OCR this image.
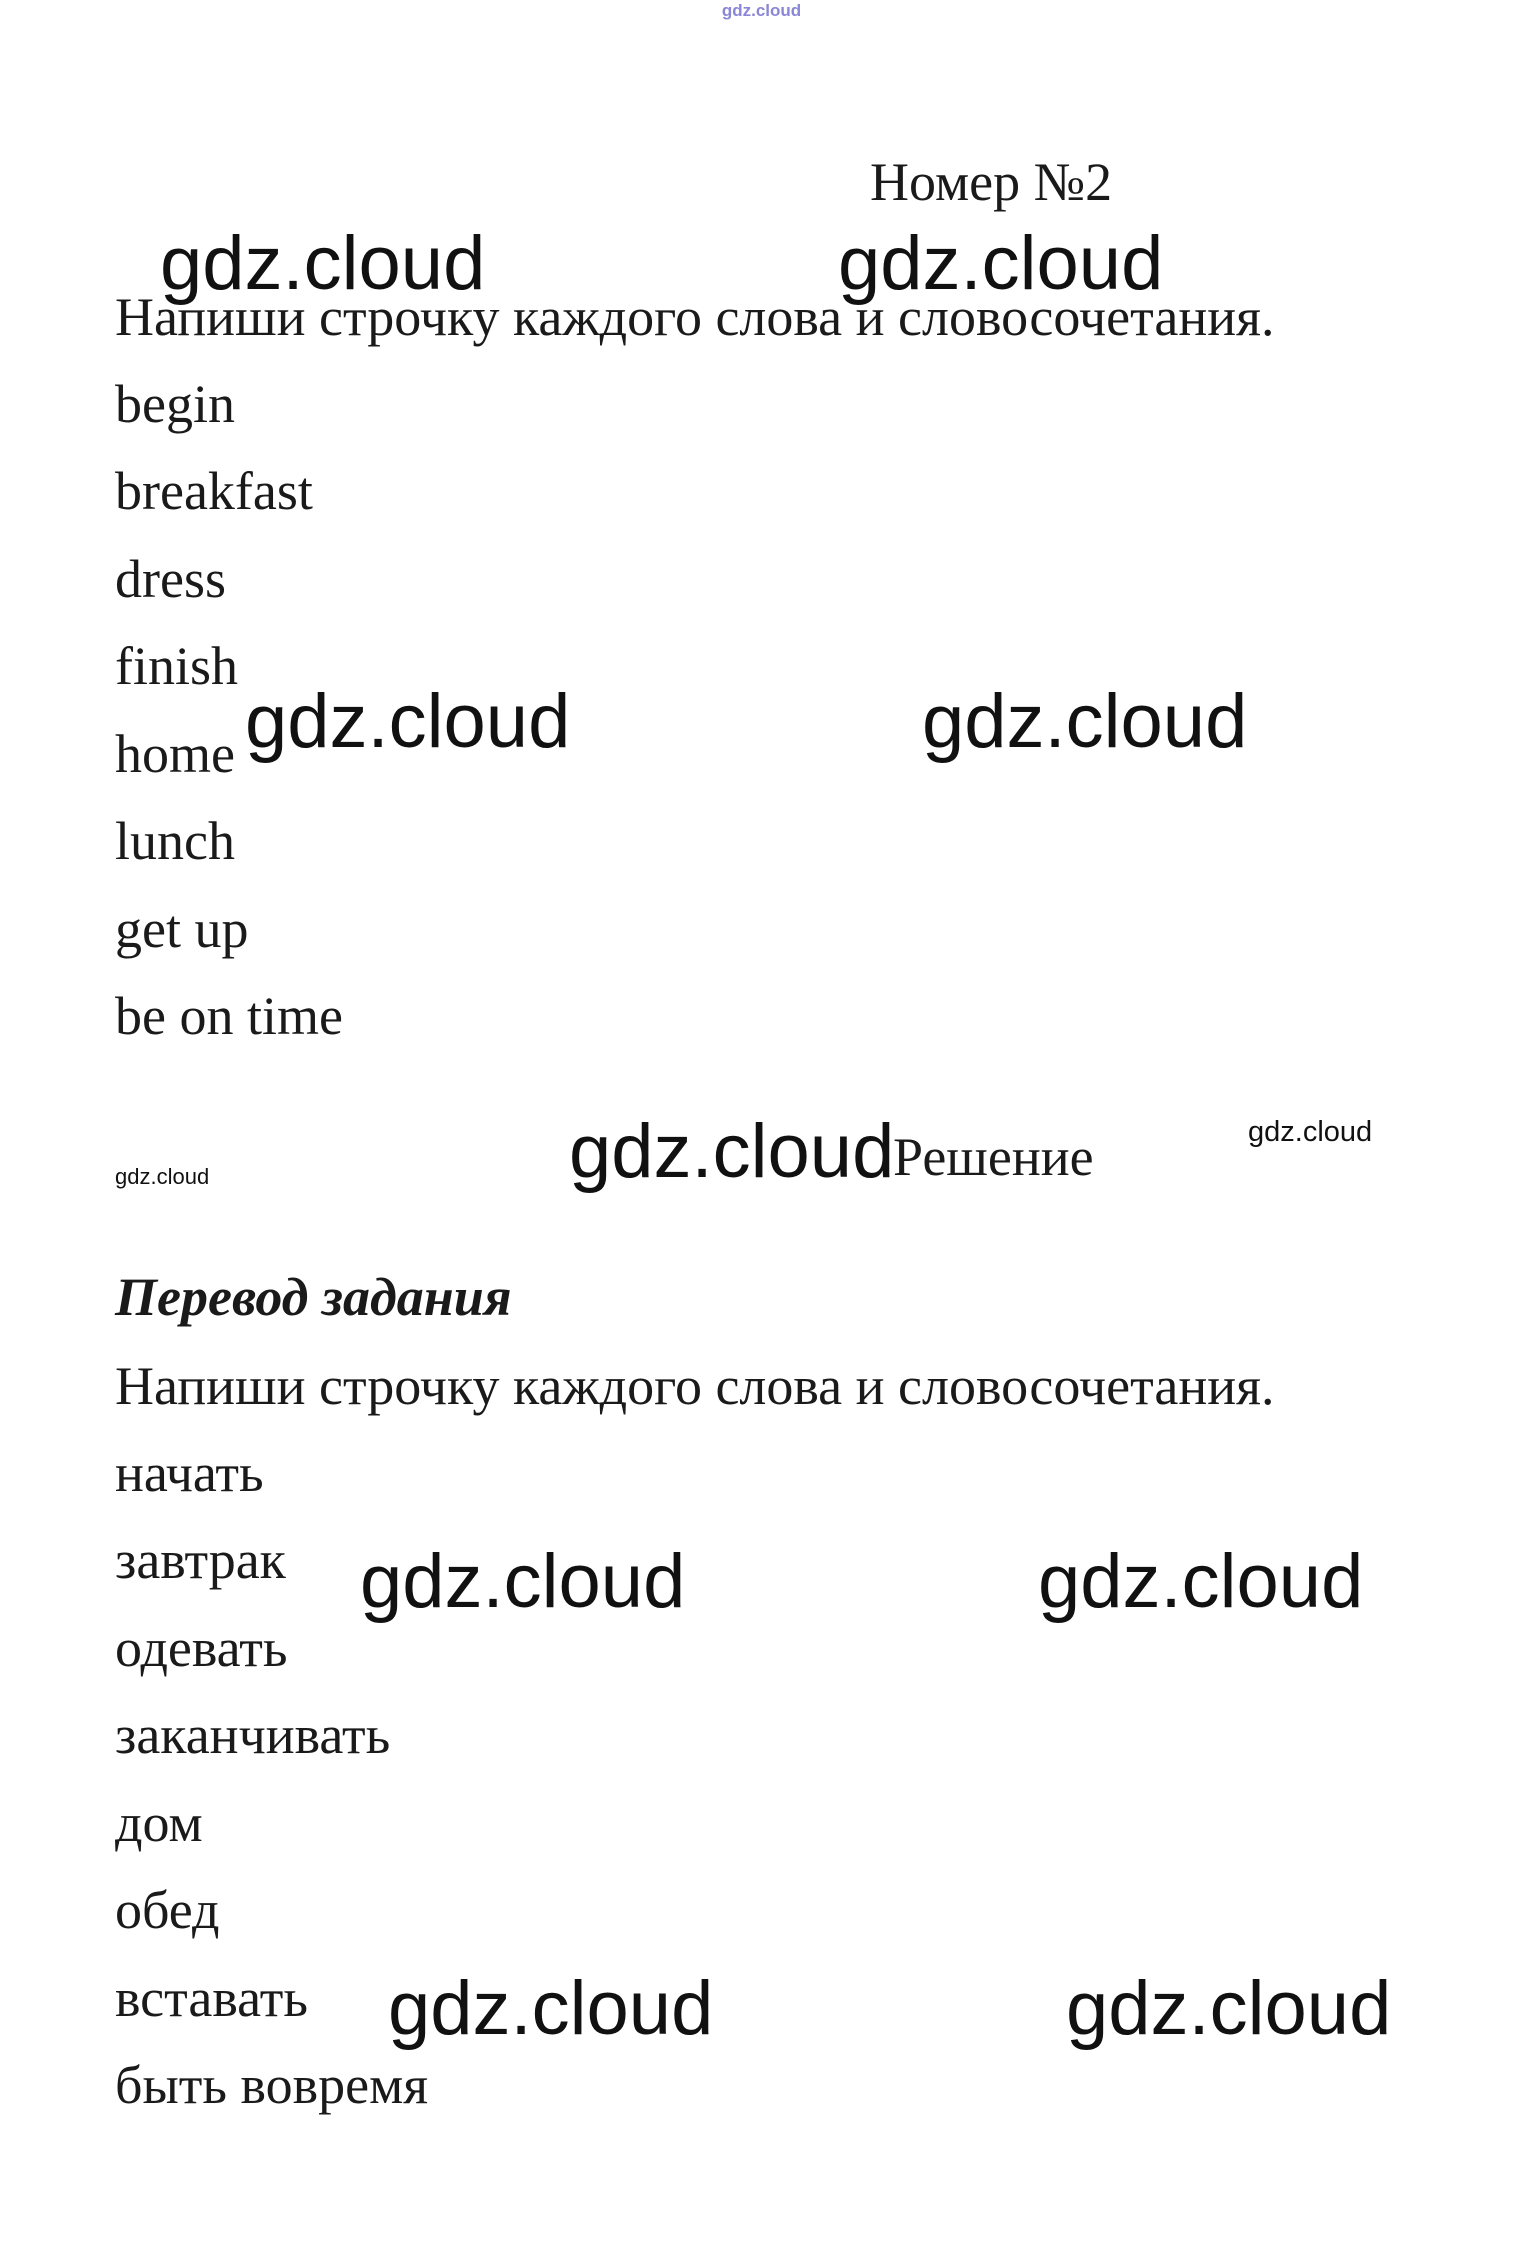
gdz.cloud
Номер №2
Напиши строчку каждого слова и словосочетания.
begin
breakfast
dress
finish
home
lunch
get up
be on time
Решение
Перевод задания
Напиши строчку каждого слова и словосочетания.
начать
завтрак
одевать
заканчивать
дом
обед
вставать
быть вовремя
gdz.cloud	gdz.cloud
gdz.cloud	gdz.cloud
gdz.cloud	gdz.cloud
gdz.cloud
gdz.cloud	gdz.cloud
gdz.cloud	gdz.cloud
